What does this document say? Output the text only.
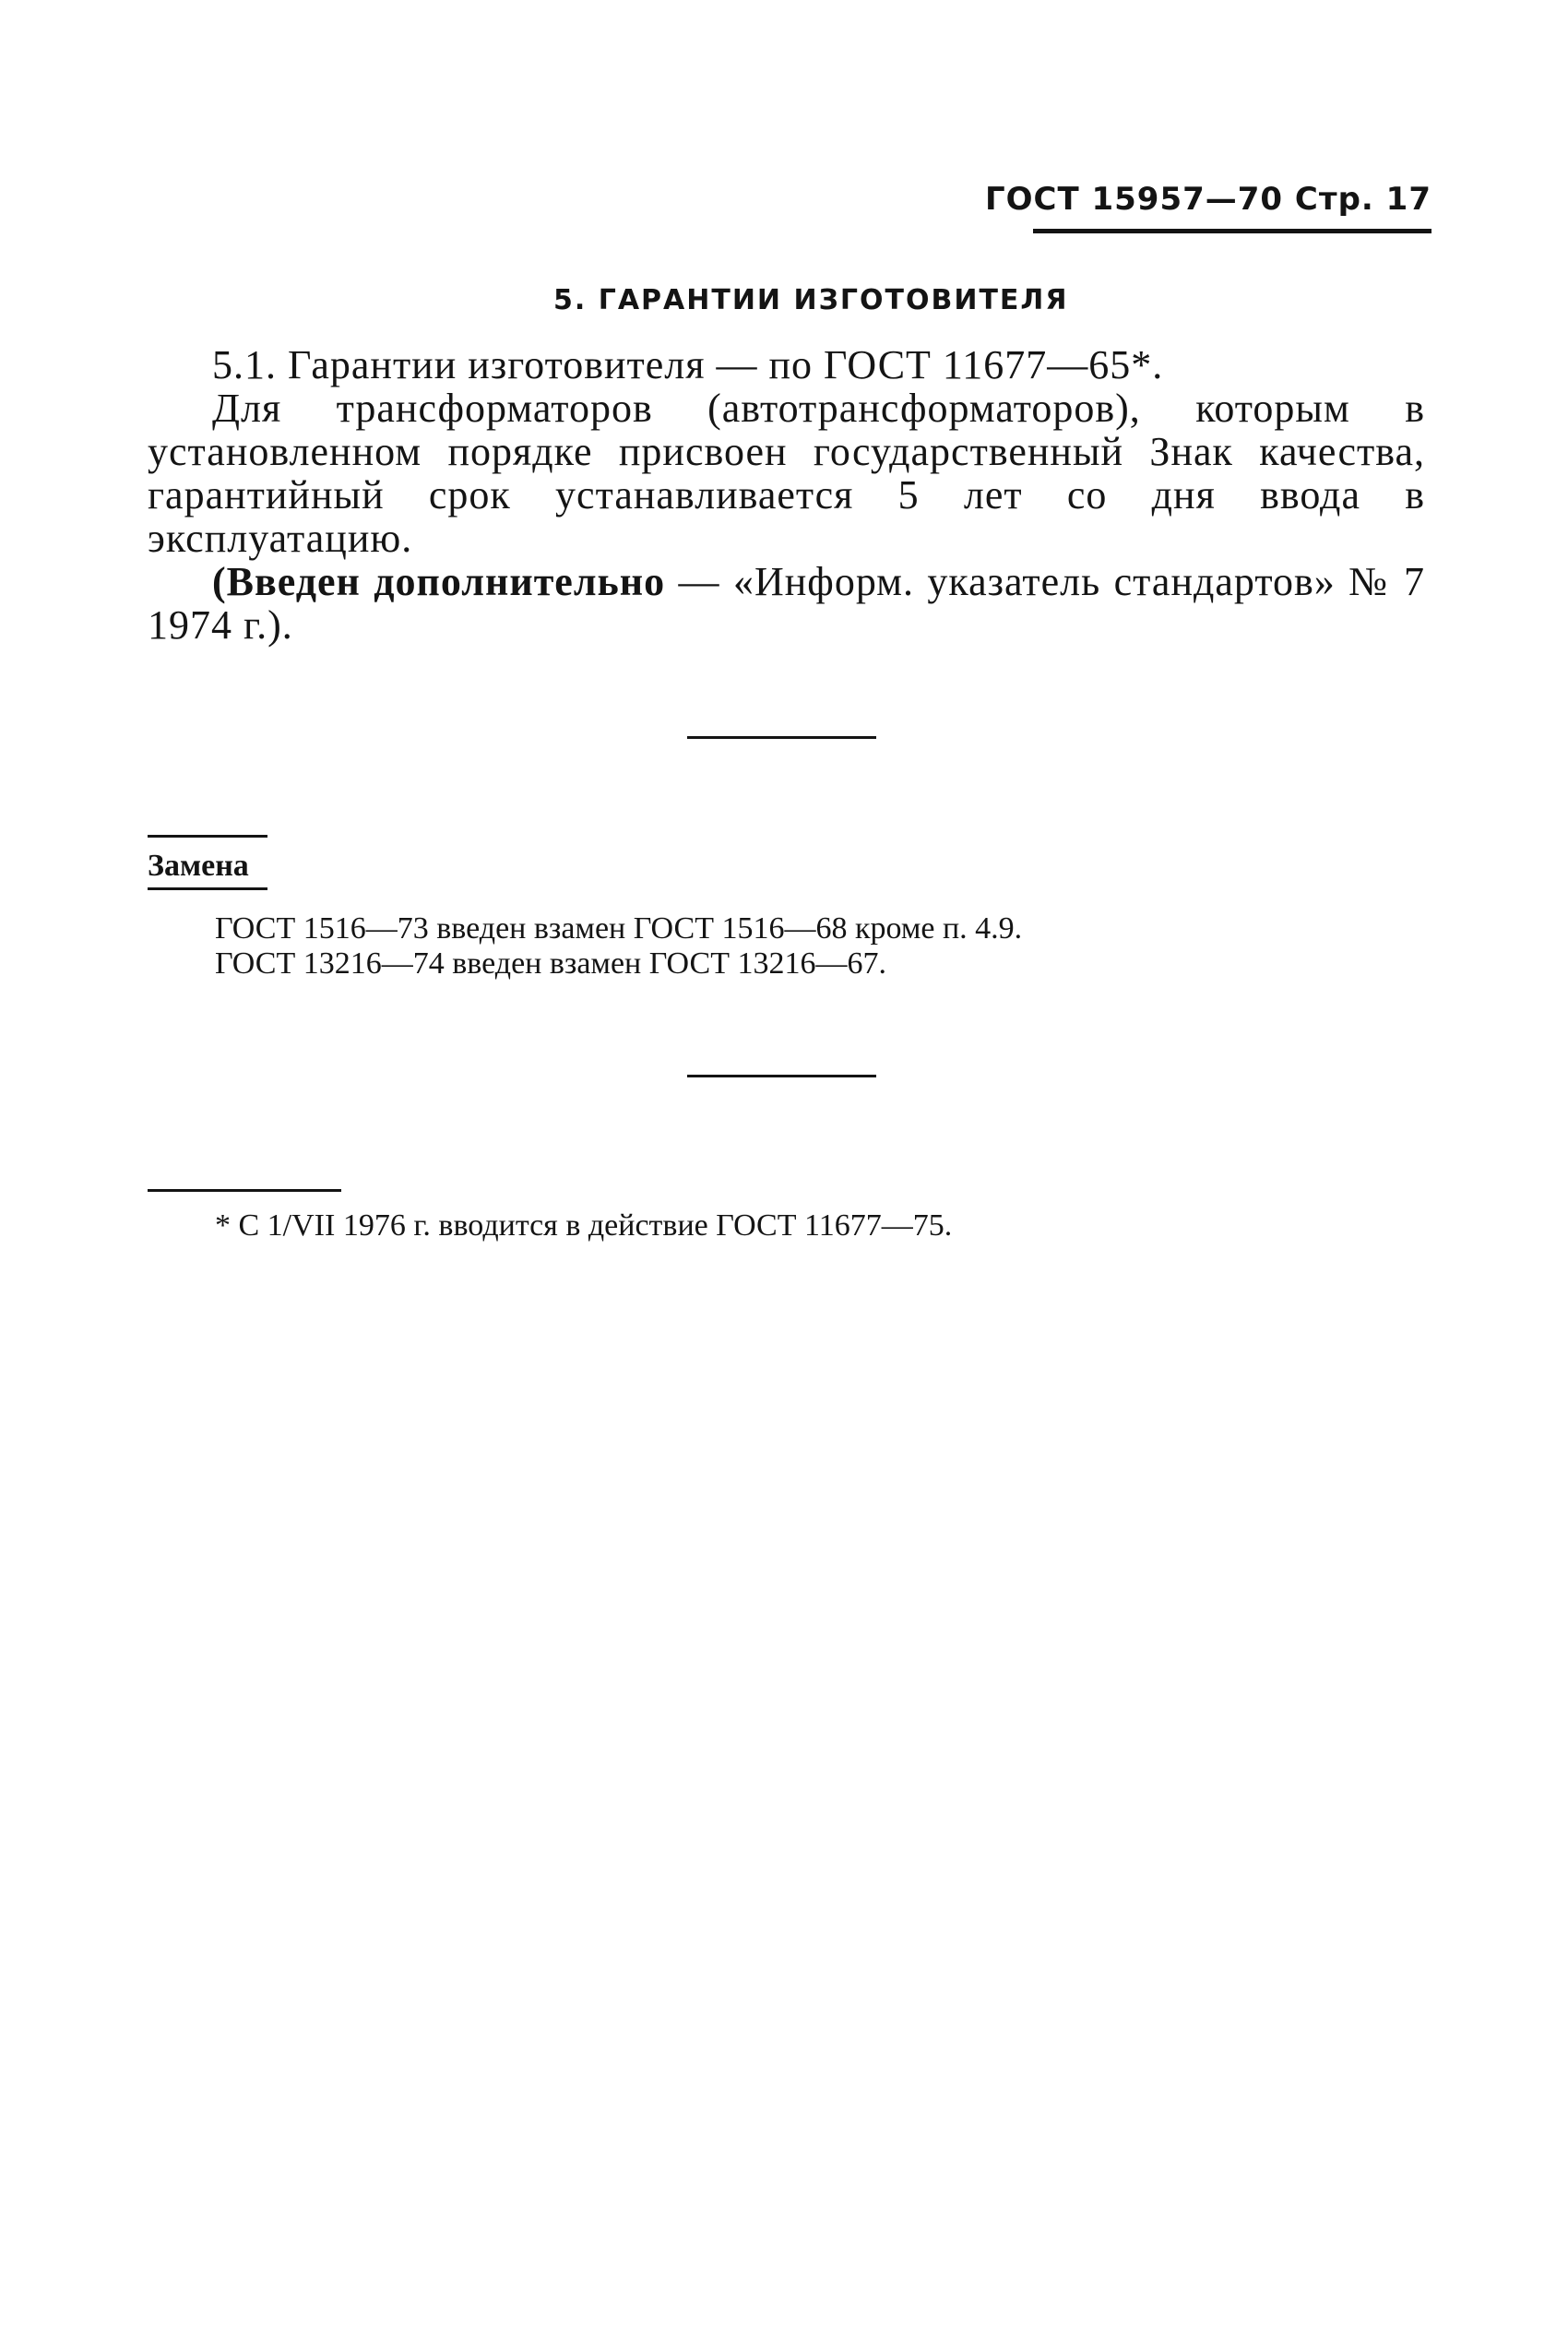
ГОСТ 15957—70 Стр. 17
5. ГАРАНТИИ ИЗГОТОВИТЕЛЯ

5.1. Гарантии изготовителя — по ГОСТ 11677—65*.

Для трансформаторов (автотрансформаторов), которым в установленном порядке присвоен государственный Знак качества, гарантийный срок устанавливается 5 лет со дня ввода в эксплуатацию.

(Введен дополнительно — «Информ. указатель стандартов» № 7 1974 г.).

Замена
ГОСТ 1516—73 введен взамен ГОСТ 1516—68 кроме п. 4.9.
ГОСТ 13216—74 введен взамен ГОСТ 13216—67.
* С 1/VII 1976 г. вводится в действие ГОСТ 11677—75.
